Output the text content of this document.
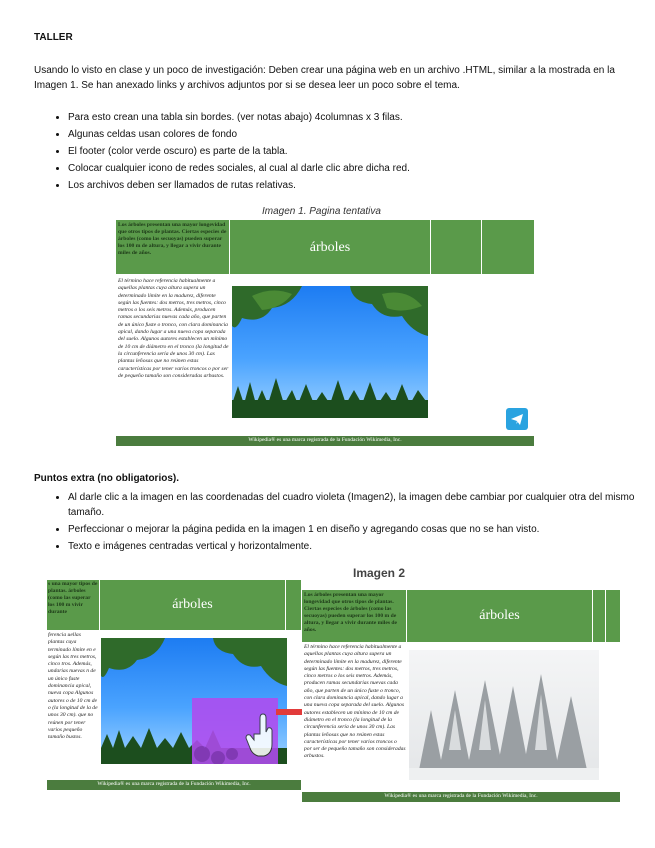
TALLER
Usando lo visto en clase y un poco de investigación: Deben crear una página web en un archivo .HTML, similar a la mostrada en la Imagen 1. Se han anexado links y archivos adjuntos por si se desea leer un poco sobre el tema.
• Para esto crean una tabla sin bordes. (ver notas abajo) 4columnas x 3 filas.
• Algunas celdas usan colores de fondo
• El footer (color verde oscuro) es parte de la tabla.
• Colocar cualquier icono de redes sociales, al cual al darle clic abre dicha red.
• Los archivos deben ser llamados de rutas relativas.
Imagen 1. Pagina tentativa
Los árboles presentan una mayor longevidad que otros tipos de plantas. Ciertas especies de árboles (como las secuoyas) pueden superar los 100 m de altura, y llegar a vivir durante miles de años.	árboles
El término hace referencia habitualmente a aquellas plantas cuya altura supera un determinado límite en la madurez, diferente según las fuentes: dos metros, tres metros, cinco metros o los seis metros. Además, producen ramas secundarias nuevas cada año, que parten de un único fuste o tronco, con clara dominancia apical, dando lugar a una nueva copa separada del suelo. Algunos autores establecen un mínimo de 10 cm de diámetro en el tronco (la longitud de la circunferencia sería de unos 30 cm). Las plantas leñosas que no reúnen estas características por tener varios troncos o por ser de pequeño tamaño son consideradas arbustos.
Wikipedia® es una marca registrada de la Fundación Wikimedia, Inc.
Puntos extra (no obligatorios).
• Al darle clic a la imagen en las coordenadas del cuadro violeta (Imagen2), la imagen debe cambiar por cualquier otra del mismo tamaño.
• Perfeccionar o mejorar la página pedida en la imagen 1 en diseño y agregando cosas que no se han visto.
• Texto e imágenes centradas vertical y horizontalmente.
Imagen 2
s una mayor tipos de plantas. árboles (como las superar los 100 m vivir durante	árboles
ferencia uellas plantas cuya terminado límite en e según las tres metros, cinco tros. Además, undarias nuevas n de un único fuste dominancia apical, nueva copa Algunos autores o de 10 cm de o (la longitud de la de unos 30 cm). que no reúnen por tener varios pequeño tamaño bustos.
Wikipedia® es una marca registrada de la Fundación Wikimedia, Inc.
Los árboles presentan una mayor longevidad que otros tipos de plantas. Ciertas especies de árboles (como las secuoyas) pueden superar los 100 m de altura, y llegar a vivir durante miles de años.
árboles
El término hace referencia habitualmente a aquellas plantas cuya altura supera un determinado límite en la madurez, diferente según las fuentes: dos metros, tres metros, cinco metros o los seis metros. Además, producen ramas secundarias nuevas cada año, que parten de un único fuste o tronco, con clara dominancia apical, dando lugar a una nueva copa separada del suelo. Algunos autores establecen un mínimo de 10 cm de diámetro en el tronco (la longitud de la circunferencia sería de unos 30 cm). Las plantas leñosas que no reúnen estas características por tener varios troncos o por ser de pequeño tamaño son consideradas arbustos.
Wikipedia® es una marca registrada de la Fundación Wikimedia, Inc.
